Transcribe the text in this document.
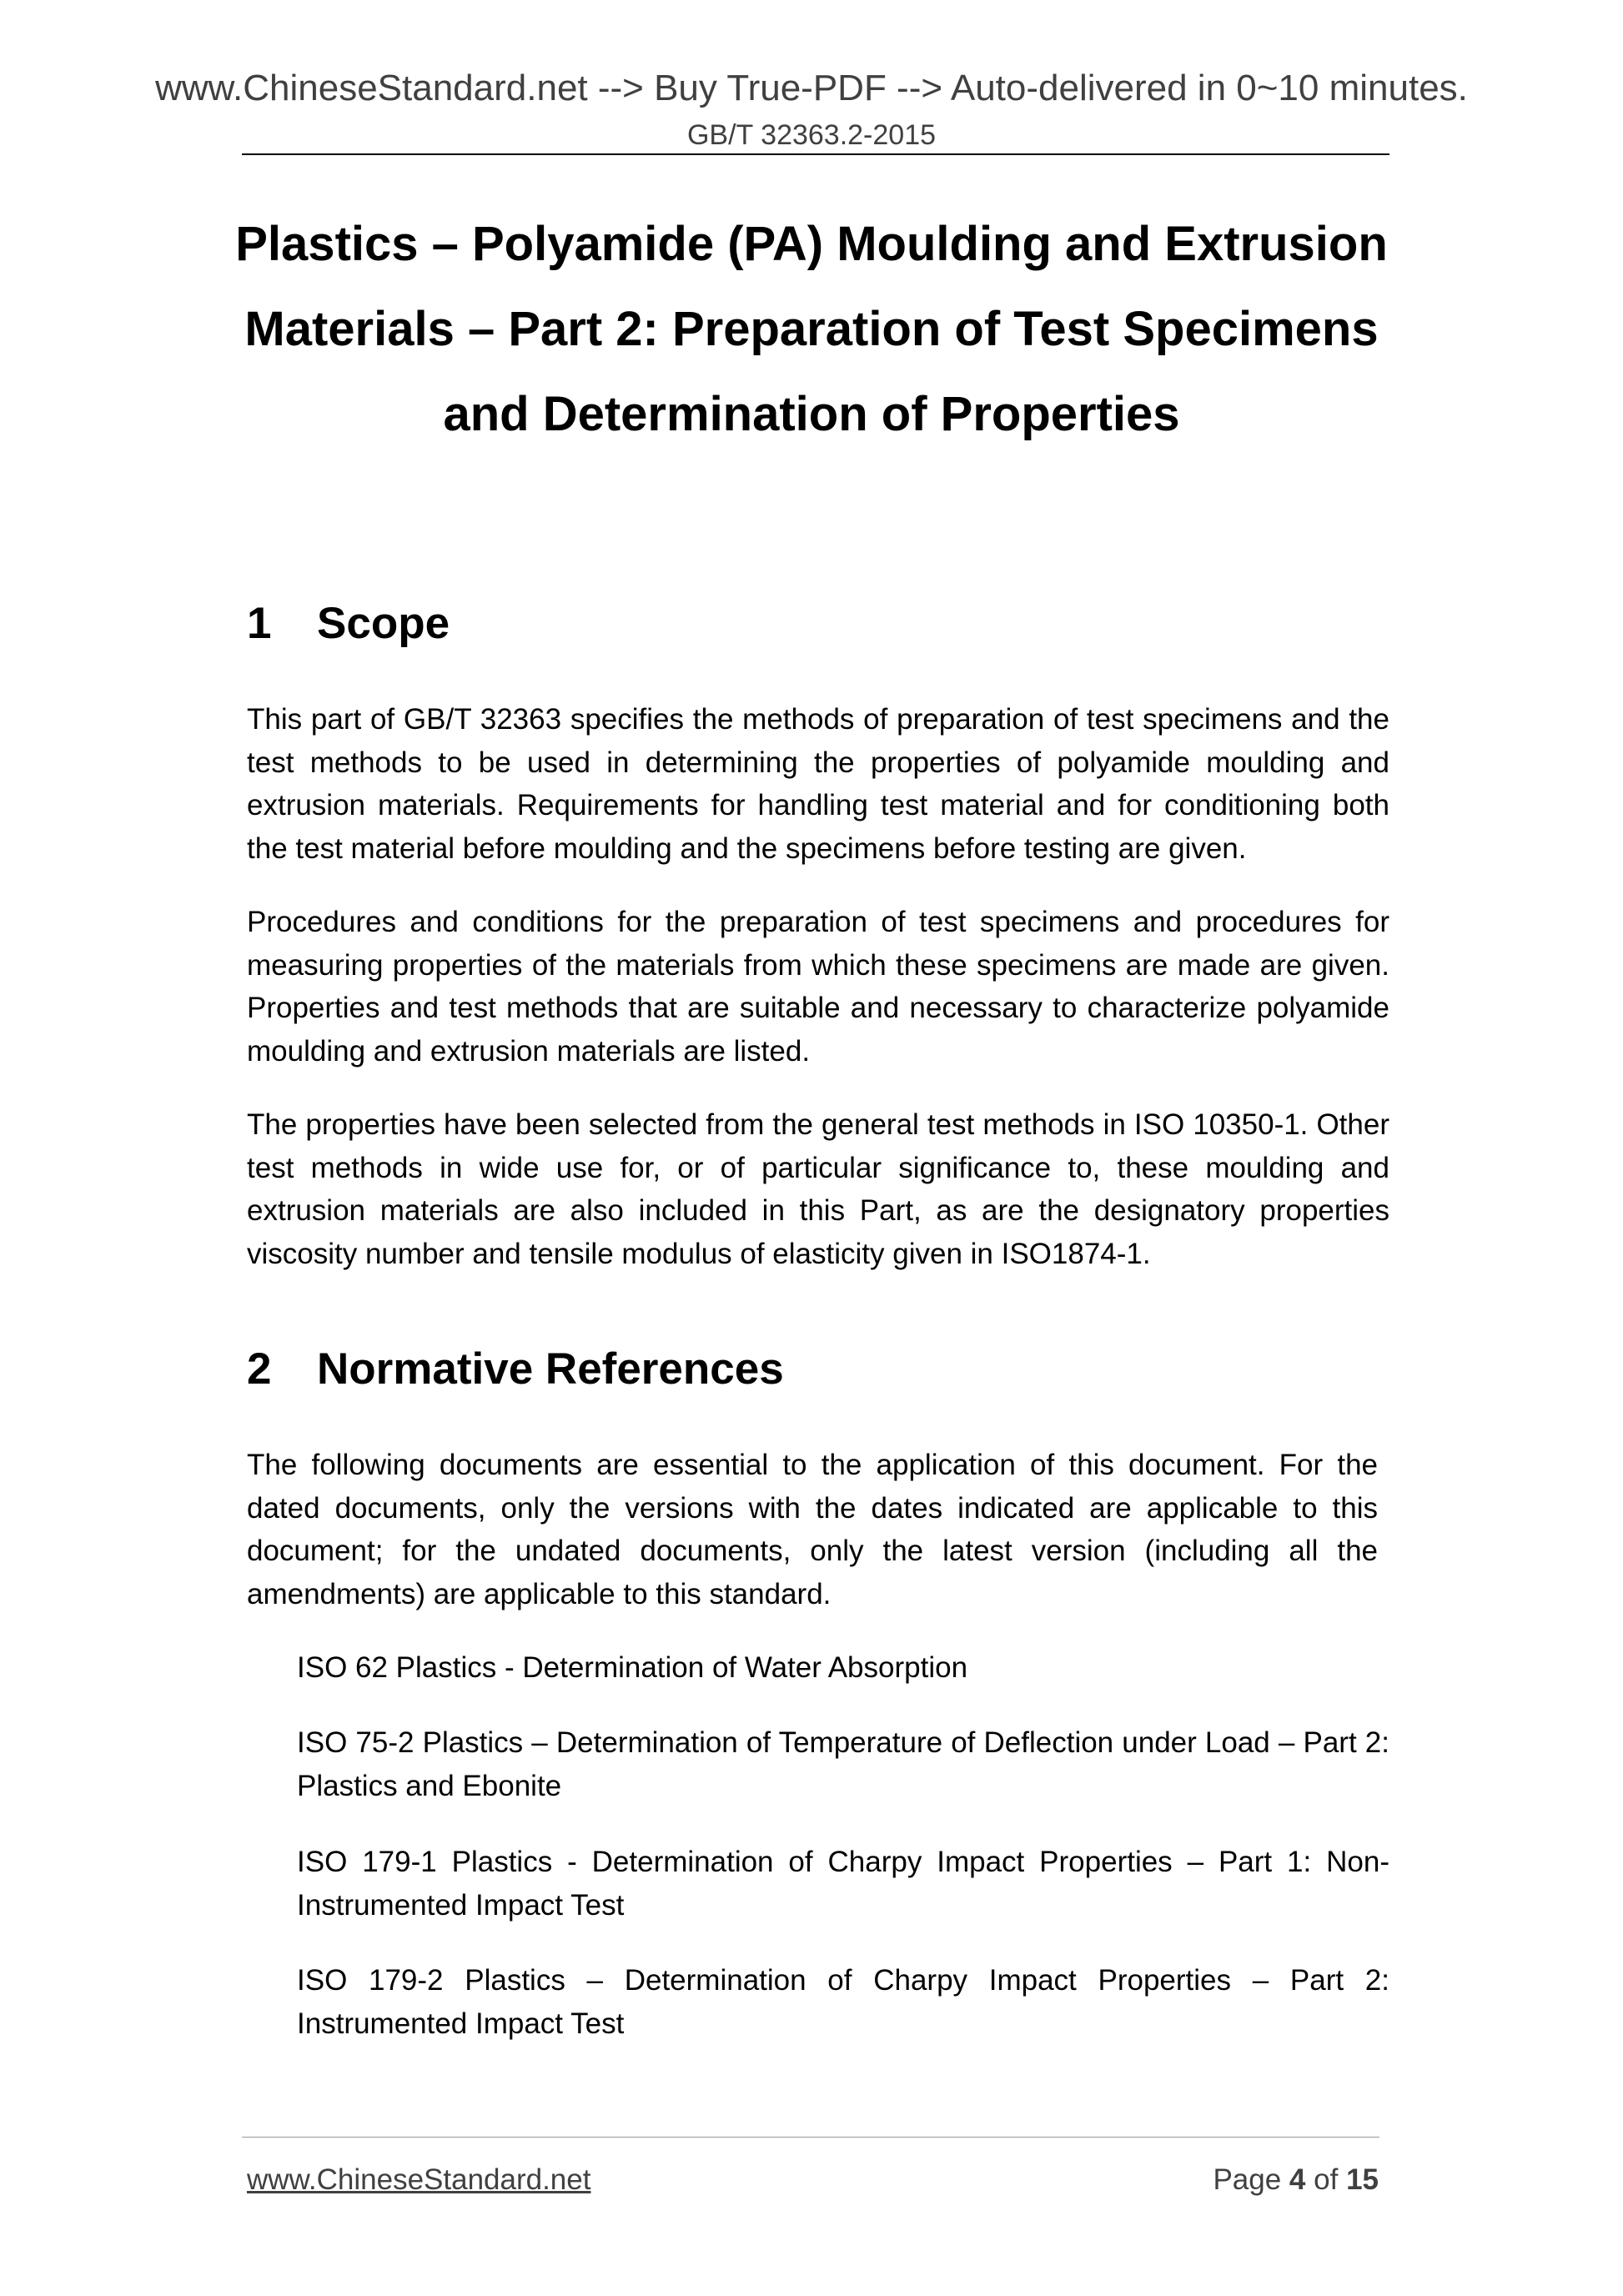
www.ChineseStandard.net --> Buy True-PDF --> Auto-delivered in 0~10 minutes.
GB/T 32363.2-2015
Plastics – Polyamide (PA) Moulding and Extrusion Materials – Part 2: Preparation of Test Specimens and Determination of Properties
1 Scope

This part of GB/T 32363 specifies the methods of preparation of test specimens and the test methods to be used in determining the properties of polyamide moulding and extrusion materials. Requirements for handling test material and for conditioning both the test material before moulding and the specimens before testing are given.

Procedures and conditions for the preparation of test specimens and procedures for measuring properties of the materials from which these specimens are made are given. Properties and test methods that are suitable and necessary to characterize polyamide moulding and extrusion materials are listed.

The properties have been selected from the general test methods in ISO 10350-1. Other test methods in wide use for, or of particular significance to, these moulding and extrusion materials are also included in this Part, as are the designatory properties viscosity number and tensile modulus of elasticity given in ISO1874-1.

2 Normative References

The following documents are essential to the application of this document. For the dated documents, only the versions with the dates indicated are applicable to this document; for the undated documents, only the latest version (including all the amendments) are applicable to this standard.

ISO 62 Plastics - Determination of Water Absorption

ISO 75-2 Plastics – Determination of Temperature of Deflection under Load – Part 2: Plastics and Ebonite

ISO 179-1 Plastics - Determination of Charpy Impact Properties – Part 1: Non-Instrumented Impact Test

ISO 179-2 Plastics – Determination of Charpy Impact Properties – Part 2: Instrumented Impact Test

www.ChineseStandard.net	Page 4 of 15
